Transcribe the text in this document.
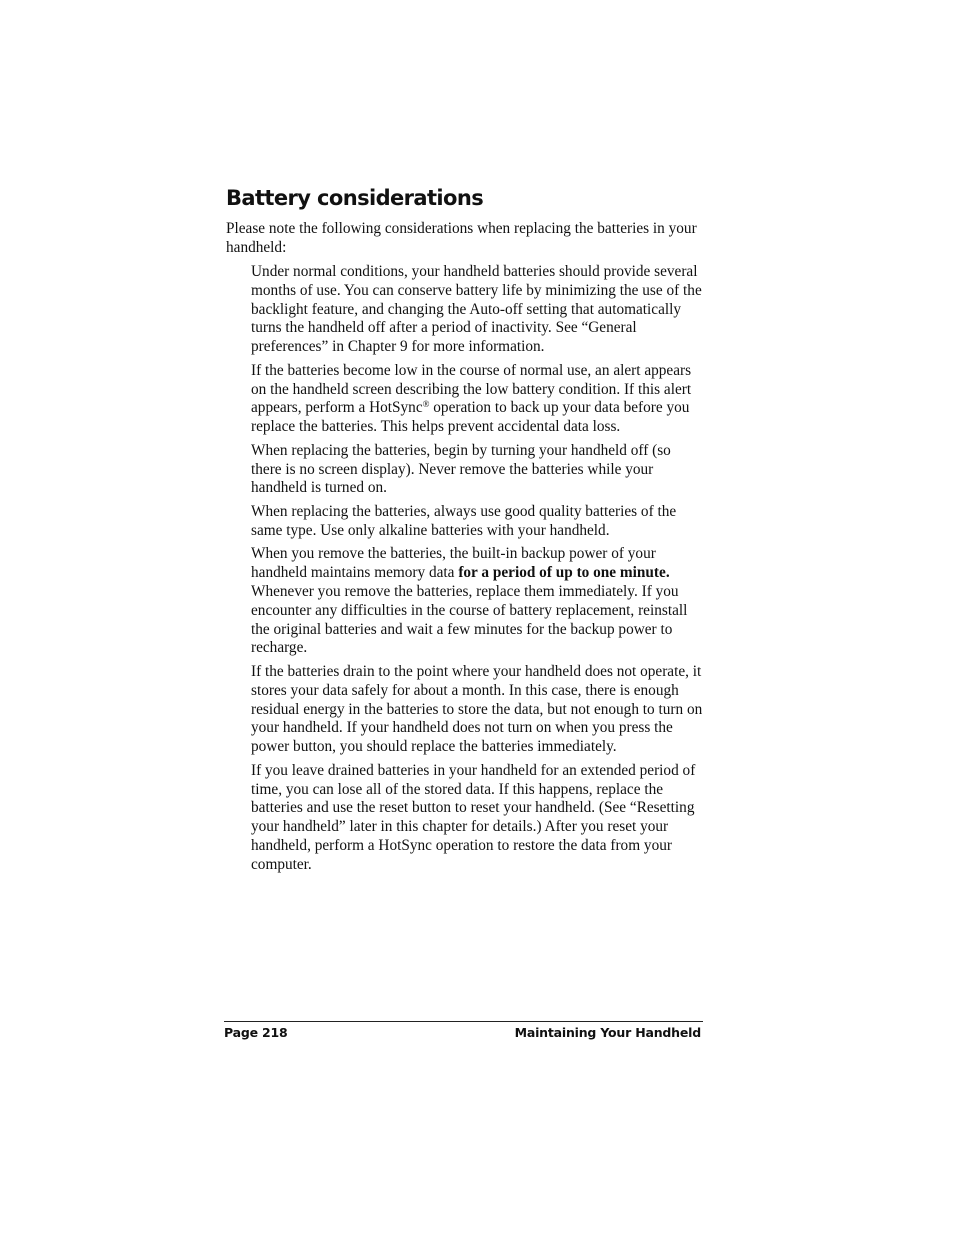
Battery considerations

Please note the following considerations when replacing the batteries in your handheld:

Under normal conditions, your handheld batteries should provide several months of use. You can conserve battery life by minimizing the use of the backlight feature, and changing the Auto-off setting that automatically turns the handheld off after a period of inactivity. See “General preferences” in Chapter 9 for more information.

If the batteries become low in the course of normal use, an alert appears on the handheld screen describing the low battery condition. If this alert appears, perform a HotSync® operation to back up your data before you replace the batteries. This helps prevent accidental data loss.

When replacing the batteries, begin by turning your handheld off (so there is no screen display). Never remove the batteries while your handheld is turned on.

When replacing the batteries, always use good quality batteries of the same type. Use only alkaline batteries with your handheld.

When you remove the batteries, the built-in backup power of your handheld maintains memory data for a period of up to one minute. Whenever you remove the batteries, replace them immediately. If you encounter any difficulties in the course of battery replacement, reinstall the original batteries and wait a few minutes for the backup power to recharge.

If the batteries drain to the point where your handheld does not operate, it stores your data safely for about a month. In this case, there is enough residual energy in the batteries to store the data, but not enough to turn on your handheld. If your handheld does not turn on when you press the power button, you should replace the batteries immediately.

If you leave drained batteries in your handheld for an extended period of time, you can lose all of the stored data. If this happens, replace the batteries and use the reset button to reset your handheld. (See “Resetting your handheld” later in this chapter for details.) After you reset your handheld, perform a HotSync operation to restore the data from your computer.

Page 218	Maintaining Your Handheld
